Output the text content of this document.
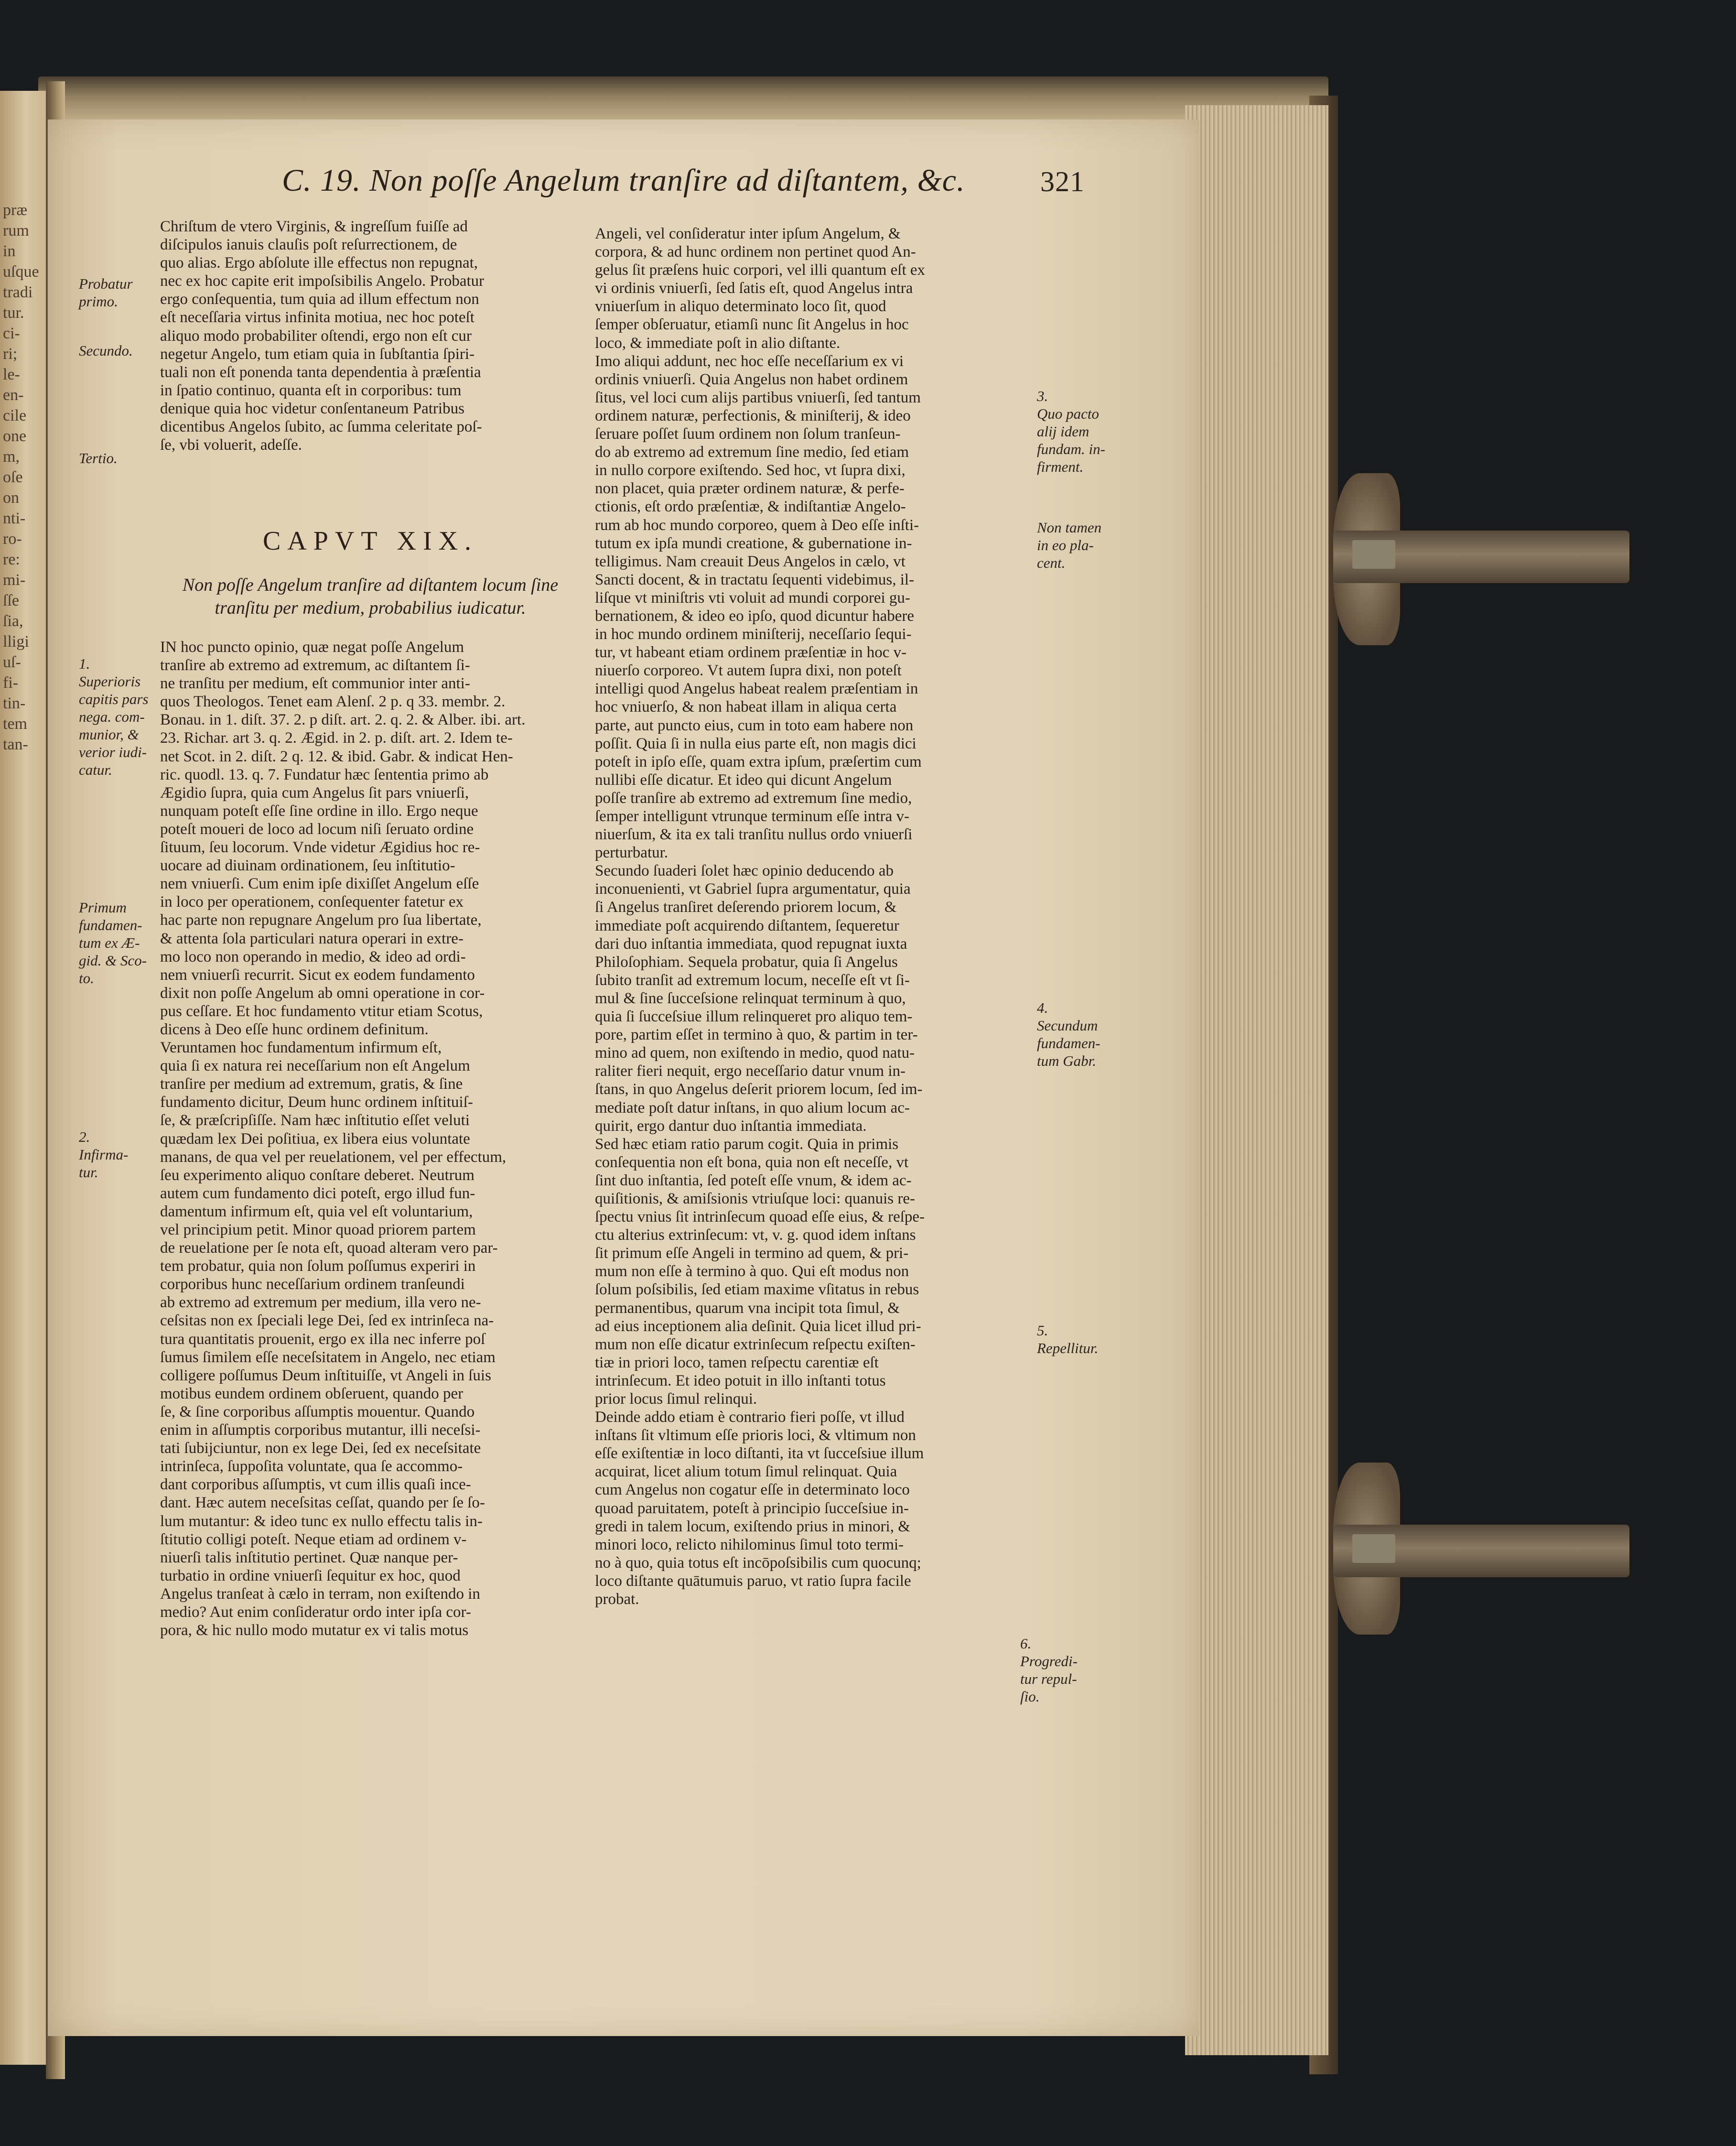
præ
rum
in
uſque
tradi
tur.
ci-
ri;
le-
en-
cile
one
m,
oſe
on
nti-
ro-
re:
mi-
ſſe
ſia,
lligi
uſ-
fi-
tin-
tem
tan-
C. 19. Non poſſe Angelum tranſire ad diſtantem, &c.	321
Chriſtum de vtero Virginis, & ingreſſum fuiſſe ad
diſcipulos ianuis clauſis poſt reſurrectionem, de
quo alias. Ergo abſolute ille effectus non repugnat,
nec ex hoc capite erit impoſsibilis Angelo. Probatur
ergo conſequentia, tum quia ad illum effectum non
eſt neceſſaria virtus infinita motiua, nec hoc poteſt
aliquo modo probabiliter oſtendi, ergo non eſt cur
negetur Angelo, tum etiam quia in ſubſtantia ſpiri-
tuali non eſt ponenda tanta dependentia à præſentia
in ſpatio continuo, quanta eſt in corporibus: tum
denique quia hoc videtur conſentaneum Patribus
dicentibus Angelos ſubito, ac ſumma celeritate poſ-
ſe, vbi voluerit, adeſſe.
CAPVT XIX.
Non poſſe Angelum tranſire ad diſtantem locum ſine
tranſitu per medium, probabilius iudicatur.
IN hoc puncto opinio, quæ negat poſſe Angelum
tranſire ab extremo ad extremum, ac diſtantem ſi-
ne tranſitu per medium, eſt communior inter anti-
quos Theologos. Tenet eam Alenſ. 2 p. q 33. membr. 2.
Bonau. in 1. diſt. 37. 2. p diſt. art. 2. q. 2. & Alber. ibi. art.
23. Richar. art 3. q. 2. Ægid. in 2. p. diſt. art. 2. Idem te-
net Scot. in 2. diſt. 2 q. 12. & ibid. Gabr. & indicat Hen-
ric. quodl. 13. q. 7. Fundatur hæc ſententia primo ab
Ægidio ſupra, quia cum Angelus ſit pars vniuerſi,
nunquam poteſt eſſe ſine ordine in illo. Ergo neque
poteſt moueri de loco ad locum niſi ſeruato ordine
ſituum, ſeu locorum. Vnde videtur Ægidius hoc re-
uocare ad diuinam ordinationem, ſeu inſtitutio-
nem vniuerſi. Cum enim ipſe dixiſſet Angelum eſſe
in loco per operationem, conſequenter fatetur ex
hac parte non repugnare Angelum pro ſua libertate,
& attenta ſola particulari natura operari in extre-
mo loco non operando in medio, & ideo ad ordi-
nem vniuerſi recurrit. Sicut ex eodem fundamento
dixit non poſſe Angelum ab omni operatione in cor-
pus ceſſare. Et hoc fundamento vtitur etiam Scotus,
dicens à Deo eſſe hunc ordinem definitum.
Veruntamen hoc fundamentum infirmum eſt,
quia ſi ex natura rei neceſſarium non eſt Angelum
tranſire per medium ad extremum, gratis, & ſine
fundamento dicitur, Deum hunc ordinem inſtituiſ-
ſe, & præſcripſiſſe. Nam hæc inſtitutio eſſet veluti
quædam lex Dei poſitiua, ex libera eius voluntate
manans, de qua vel per reuelationem, vel per effectum,
ſeu experimento aliquo conſtare deberet. Neutrum
autem cum fundamento dici poteſt, ergo illud fun-
damentum infirmum eſt, quia vel eſt voluntarium,
vel principium petit. Minor quoad priorem partem
de reuelatione per ſe nota eſt, quoad alteram vero par-
tem probatur, quia non ſolum poſſumus experiri in
corporibus hunc neceſſarium ordinem tranſeundi
ab extremo ad extremum per medium, illa vero ne-
ceſsitas non ex ſpeciali lege Dei, ſed ex intrinſeca na-
tura quantitatis prouenit, ergo ex illa nec inferre poſ
ſumus ſimilem eſſe neceſsitatem in Angelo, nec etiam
colligere poſſumus Deum inſtituiſſe, vt Angeli in ſuis
motibus eundem ordinem obſeruent, quando per
ſe, & ſine corporibus aſſumptis mouentur. Quando
enim in aſſumptis corporibus mutantur, illi neceſsi-
tati ſubijciuntur, non ex lege Dei, ſed ex neceſsitate
intrinſeca, ſuppoſita voluntate, qua ſe accommo-
dant corporibus aſſumptis, vt cum illis quaſi ince-
dant. Hæc autem neceſsitas ceſſat, quando per ſe ſo-
lum mutantur: & ideo tunc ex nullo effectu talis in-
ſtitutio colligi poteſt. Neque etiam ad ordinem v-
niuerſi talis inſtitutio pertinet. Quæ nanque per-
turbatio in ordine vniuerſi ſequitur ex hoc, quod
Angelus tranſeat à cælo in terram, non exiſtendo in
medio? Aut enim conſideratur ordo inter ipſa cor-
pora, & hic nullo modo mutatur ex vi talis motus
Angeli, vel conſideratur inter ipſum Angelum, &
corpora, & ad hunc ordinem non pertinet quod An-
gelus ſit præſens huic corpori, vel illi quantum eſt ex
vi ordinis vniuerſi, ſed ſatis eſt, quod Angelus intra
vniuerſum in aliquo determinato loco ſit, quod
ſemper obſeruatur, etiamſi nunc ſit Angelus in hoc
loco, & immediate poſt in alio diſtante.
Imo aliqui addunt, nec hoc eſſe neceſſarium ex vi
ordinis vniuerſi. Quia Angelus non habet ordinem
ſitus, vel loci cum alijs partibus vniuerſi, ſed tantum
ordinem naturæ, perfectionis, & miniſterij, & ideo
ſeruare poſſet ſuum ordinem non ſolum tranſeun-
do ab extremo ad extremum ſine medio, ſed etiam
in nullo corpore exiſtendo. Sed hoc, vt ſupra dixi,
non placet, quia præter ordinem naturæ, & perfe-
ctionis, eſt ordo præſentiæ, & indiſtantiæ Angelo-
rum ab hoc mundo corporeo, quem à Deo eſſe inſti-
tutum ex ipſa mundi creatione, & gubernatione in-
telligimus. Nam creauit Deus Angelos in cælo, vt
Sancti docent, & in tractatu ſequenti videbimus, il-
liſque vt miniſtris vti voluit ad mundi corporei gu-
bernationem, & ideo eo ipſo, quod dicuntur habere
in hoc mundo ordinem miniſterij, neceſſario ſequi-
tur, vt habeant etiam ordinem præſentiæ in hoc v-
niuerſo corporeo. Vt autem ſupra dixi, non poteſt
intelligi quod Angelus habeat realem præſentiam in
hoc vniuerſo, & non habeat illam in aliqua certa
parte, aut puncto eius, cum in toto eam habere non
poſſit. Quia ſi in nulla eius parte eſt, non magis dici
poteſt in ipſo eſſe, quam extra ipſum, præſertim cum
nullibi eſſe dicatur. Et ideo qui dicunt Angelum
poſſe tranſire ab extremo ad extremum ſine medio,
ſemper intelligunt vtrunque terminum eſſe intra v-
niuerſum, & ita ex tali tranſitu nullus ordo vniuerſi
perturbatur.
Secundo ſuaderi ſolet hæc opinio deducendo ab
inconuenienti, vt Gabriel ſupra argumentatur, quia
ſi Angelus tranſiret deſerendo priorem locum, &
immediate poſt acquirendo diſtantem, ſequeretur
dari duo inſtantia immediata, quod repugnat iuxta
Philoſophiam. Sequela probatur, quia ſi Angelus
ſubito tranſit ad extremum locum, neceſſe eſt vt ſi-
mul & ſine ſucceſsione relinquat terminum à quo,
quia ſi ſucceſsiue illum relinqueret pro aliquo tem-
pore, partim eſſet in termino à quo, & partim in ter-
mino ad quem, non exiſtendo in medio, quod natu-
raliter fieri nequit, ergo neceſſario datur vnum in-
ſtans, in quo Angelus deſerit priorem locum, ſed im-
mediate poſt datur inſtans, in quo alium locum ac-
quirit, ergo dantur duo inſtantia immediata.
Sed hæc etiam ratio parum cogit. Quia in primis
conſequentia non eſt bona, quia non eſt neceſſe, vt
ſint duo inſtantia, ſed poteſt eſſe vnum, & idem ac-
quiſitionis, & amiſsionis vtriuſque loci: quanuis re-
ſpectu vnius ſit intrinſecum quoad eſſe eius, & reſpe-
ctu alterius extrinſecum: vt, v. g. quod idem inſtans
ſit primum eſſe Angeli in termino ad quem, & pri-
mum non eſſe à termino à quo. Qui eſt modus non
ſolum poſsibilis, ſed etiam maxime vſitatus in rebus
permanentibus, quarum vna incipit tota ſimul, &
ad eius inceptionem alia deſinit. Quia licet illud pri-
mum non eſſe dicatur extrinſecum reſpectu exiſten-
tiæ in priori loco, tamen reſpectu carentiæ eſt
intrinſecum. Et ideo potuit in illo inſtanti totus
prior locus ſimul relinqui.
Deinde addo etiam è contrario fieri poſſe, vt illud
inſtans ſit vltimum eſſe prioris loci, & vltimum non
eſſe exiſtentiæ in loco diſtanti, ita vt ſucceſsiue illum
acquirat, licet alium totum ſimul relinquat. Quia
cum Angelus non cogatur eſſe in determinato loco
quoad paruitatem, poteſt à principio ſucceſsiue in-
gredi in talem locum, exiſtendo prius in minori, &
minori loco, relicto nihilominus ſimul toto termi-
no à quo, quia totus eſt incōpoſsibilis cum quocunq;
loco diſtante quātumuis paruo, vt ratio ſupra facile
probat.
Probatur
primo.
Secundo.
Tertio.
1.
Superioris
capitis pars
nega. com-
munior, &
verior iudi-
catur.
Primum
fundamen-
tum ex Æ-
gid. & Sco-
to.
2.
Infirma-
tur.
3.
Quo pacto
alij idem
fundam. in-
firment.
Non tamen
in eo pla-
cent.
4.
Secundum
fundamen-
tum Gabr.
5.
Repellitur.
6.
Progredi-
tur repul-
ſio.
